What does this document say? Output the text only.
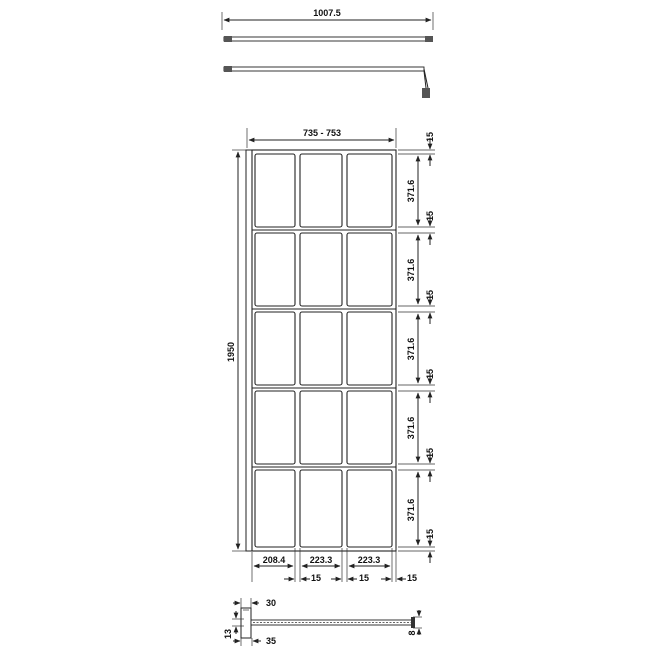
1007.5
735 - 753
1950
371.6
371.6
371.6
371.6
371.6
15
15
15
15
15
15
208.4	223.3	223.3
15	15	15
30
35
13	8
